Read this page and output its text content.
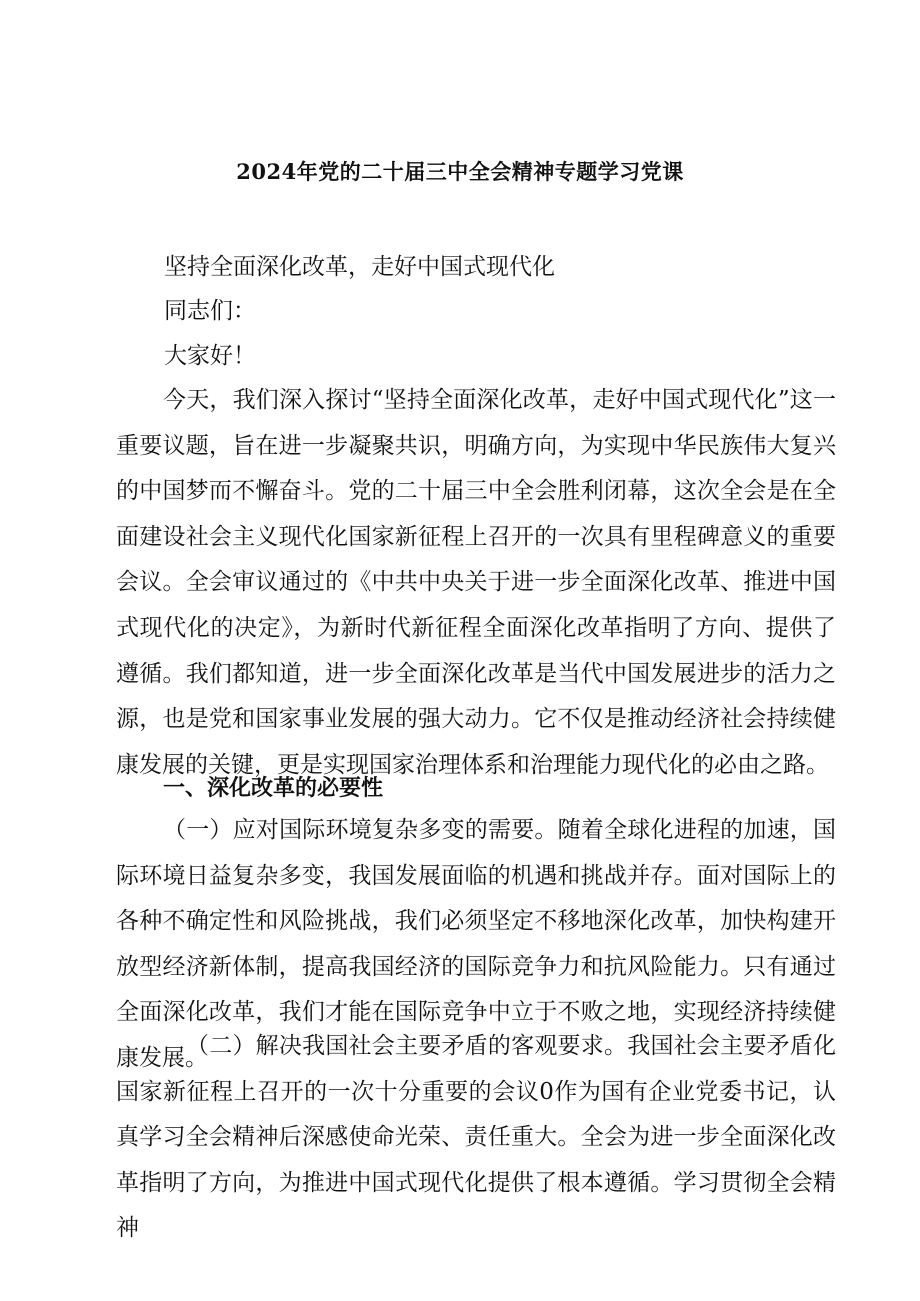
2024年党的二十届三中全会精神专题学习党课
坚持全面深化改革，走好中国式现代化
同志们：
大家好！

今天，我们深入探讨“坚持全面深化改革，走好中国式现代化”这一重要议题，旨在进一步凝聚共识，明确方向，为实现中华民族伟大复兴的中国梦而不懈奋斗。党的二十届三中全会胜利闭幕，这次全会是在全面建设社会主义现代化国家新征程上召开的一次具有里程碑意义的重要会议。全会审议通过的《中共中央关于进一步全面深化改革、推进中国式现代化的决定》，为新时代新征程全面深化改革指明了方向、提供了遵循。我们都知道，进一步全面深化改革是当代中国发展进步的活力之源，也是党和国家事业发展的强大动力。它不仅是推动经济社会持续健康发展的关键，更是实现国家治理体系和治理能力现代化的必由之路。

一、深化改革的必要性

（一）应对国际环境复杂多变的需要。随着全球化进程的加速，国际环境日益复杂多变，我国发展面临的机遇和挑战并存。面对国际上的各种不确定性和风险挑战，我们必须坚定不移地深化改革，加快构建开放型经济新体制，提高我国经济的国际竞争力和抗风险能力。只有通过全面深化改革，我们才能在国际竞争中立于不败之地，实现经济持续健康发展。

（二）解决我国社会主要矛盾的客观要求。我国社会主要矛盾化国家新征程上召开的一次十分重要的会议0作为国有企业党委书记，认真学习全会精神后深感使命光荣、责任重大。全会为进一步全面深化改革指明了方向，为推进中国式现代化提供了根本遵循。学习贯彻全会精神
